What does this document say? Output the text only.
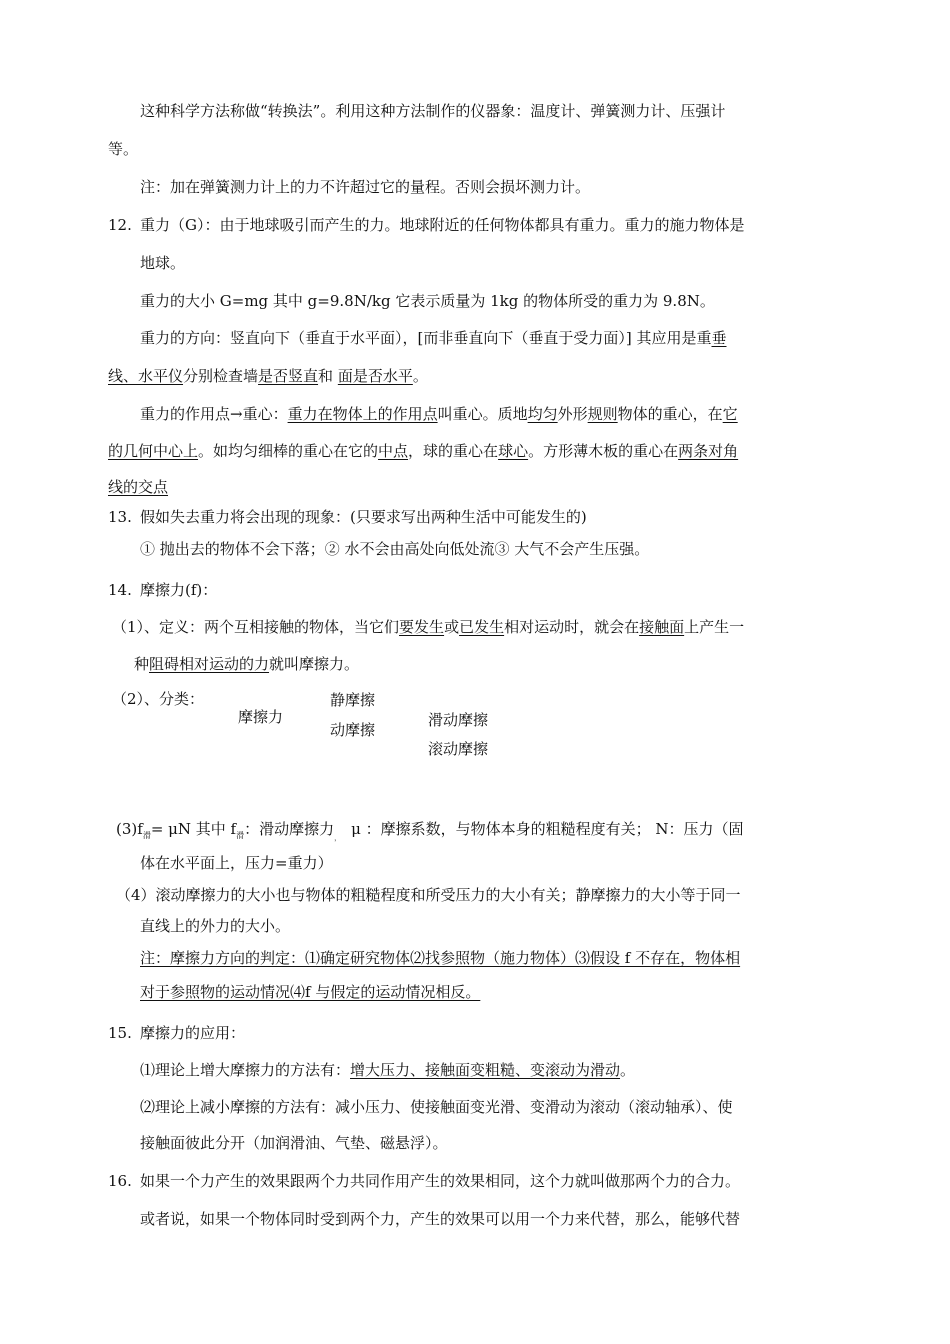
这种科学方法称做“转换法”。利用这种方法制作的仪器象：温度计、弹簧测力计、压强计
等。
注：加在弹簧测力计上的力不许超过它的量程。否则会损坏测力计。
12. 重力（G）：由于地球吸引而产生的力。地球附近的任何物体都具有重力。重力的施力物体是
地球。
重力的大小 G=mg 其中 g=9.8N/kg 它表示质量为 1kg 的物体所受的重力为 9.8N。
重力的方向：竖直向下（垂直于水平面），[而非垂直向下（垂直于受力面）] 其应用是重垂
线、水平仪分别检查墙是否竖直和 面是否水平。
重力的作用点→重心：重力在物体上的作用点叫重心。质地均匀外形规则物体的重心，在它
的几何中心上。如均匀细棒的重心在它的中点，球的重心在球心。方形薄木板的重心在两条对角
线的交点
13. 假如失去重力将会出现的现象：(只要求写出两种生活中可能发生的)
① 抛出去的物体不会下落；② 水不会由高处向低处流③ 大气不会产生压强。
14. 摩擦力(f)：
（1）、定义：两个互相接触的物体，当它们要发生或已发生相对运动时，就会在接触面上产生一
种阻碍相对运动的力就叫摩擦力。
（2）、分类：
摩擦力
静摩擦
动摩擦
滑动摩擦
滚动摩擦
$(3)f_滑= \mu N$ 其中 $f_滑$：滑动摩擦力$_,$ μ ：摩擦系数，与物体本身的粗糙程度有关； N：压力（固
体在水平面上，压力=重力）
（4）滚动摩擦力的大小也与物体的粗糙程度和所受压力的大小有关；静摩擦力的大小等于同一
直线上的外力的大小。
注：摩擦力方向的判定：⑴确定研究物体⑵找参照物（施力物体）⑶假设 f 不存在，物体相
对于参照物的运动情况⑷f 与假定的运动情况相反。
15. 摩擦力的应用：
⑴理论上增大摩擦力的方法有：增大压力、接触面变粗糙、变滚动为滑动。
⑵理论上减小摩擦的方法有：减小压力、使接触面变光滑、变滑动为滚动（滚动轴承）、使
接触面彼此分开（加润滑油、气垫、磁悬浮）。
16. 如果一个力产生的效果跟两个力共同作用产生的效果相同，这个力就叫做那两个力的合力。
或者说，如果一个物体同时受到两个力，产生的效果可以用一个力来代替，那么，能够代替
